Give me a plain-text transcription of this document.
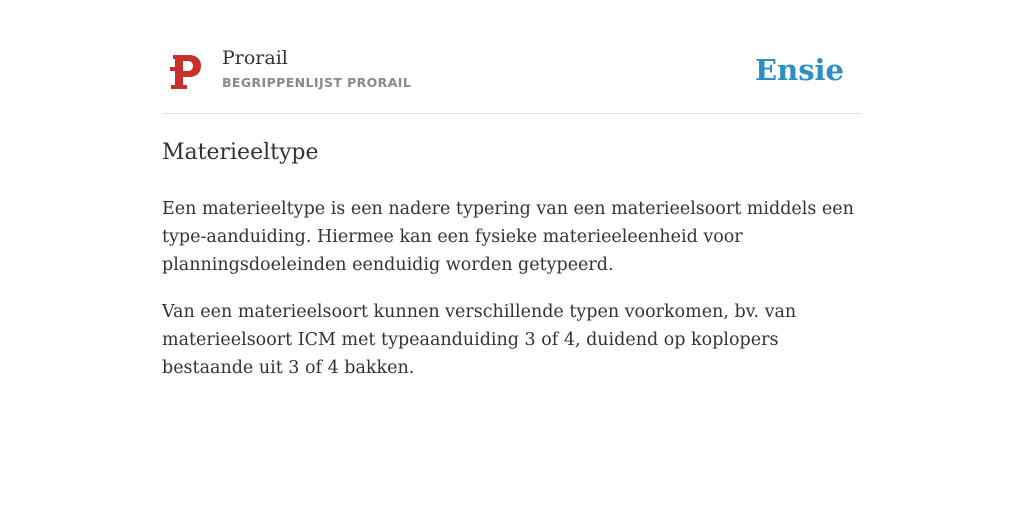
Prorail
BEGRIPPENLIJST PRORAIL	Ensie
Materieeltype

Een materieeltype is een nadere typering van een materieelsoort middels een type-aanduiding. Hiermee kan een fysieke materieeleenheid voor planningsdoeleinden eenduidig worden getypeerd.

Van een materieelsoort kunnen verschillende typen voorkomen, bv. van materieelsoort ICM met typeaanduiding 3 of 4, duidend op koplopers bestaande uit 3 of 4 bakken.
